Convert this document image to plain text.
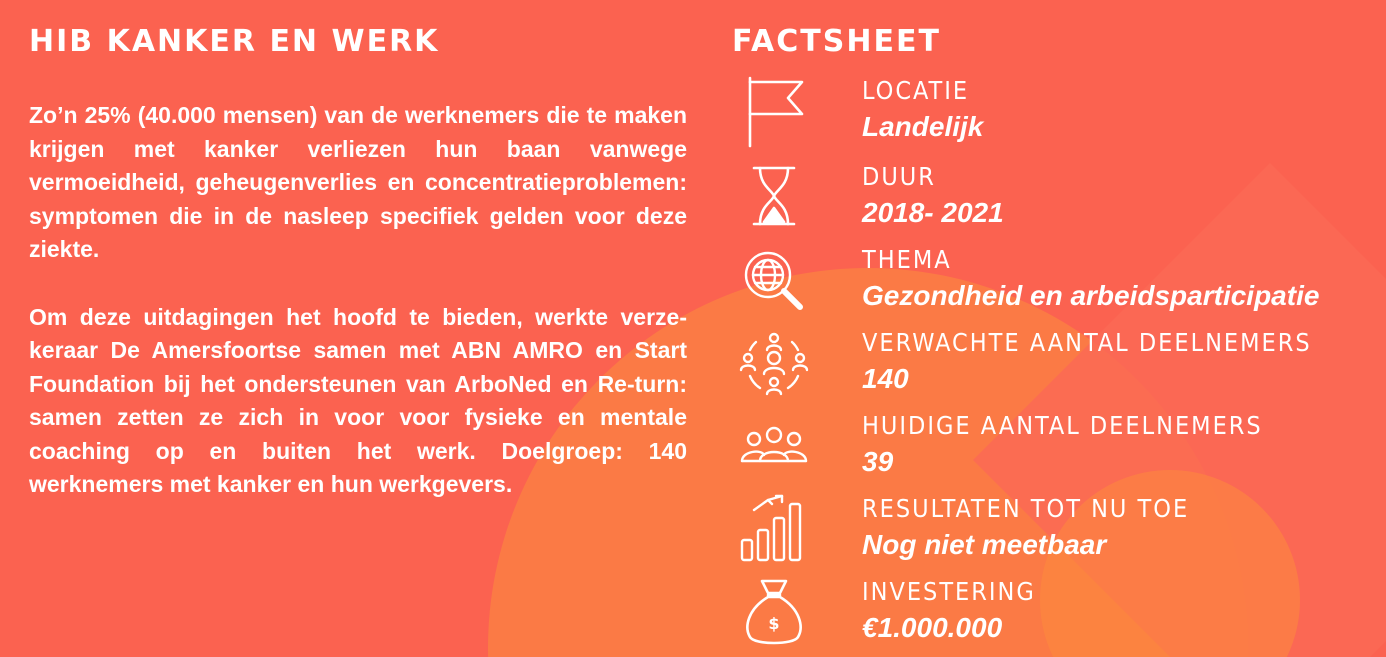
HIB KANKER EN WERK

Zo’n 25% (40.000 mensen) van de werknemers die te maken krijgen met kanker verliezen hun baan vanwege vermoeidheid, geheugenverlies en concentratieproblemen: symptomen die in de nasleep specifiek gelden voor deze ziekte.

Om deze uitdagingen het hoofd te bieden, werkte verzekeraar De Amersfoortse samen met ABN AMRO en Start Foundation bij het ondersteunen van ArboNed en Re-turn: samen zetten ze zich in voor voor fysieke en mentale coaching op en buiten het werk. Doelgroep: 140 werknemers met kanker en hun werkgevers.

FACTSHEET
LOCATIE
Landelijk
DUUR
2018- 2021
THEMA
Gezondheid en arbeidsparticipatie
VERWACHTE AANTAL DEELNEMERS
140
HUIDIGE AANTAL DEELNEMERS
39
RESULTATEN TOT NU TOE
Nog niet meetbaar
$
INVESTERING
€1.000.000
